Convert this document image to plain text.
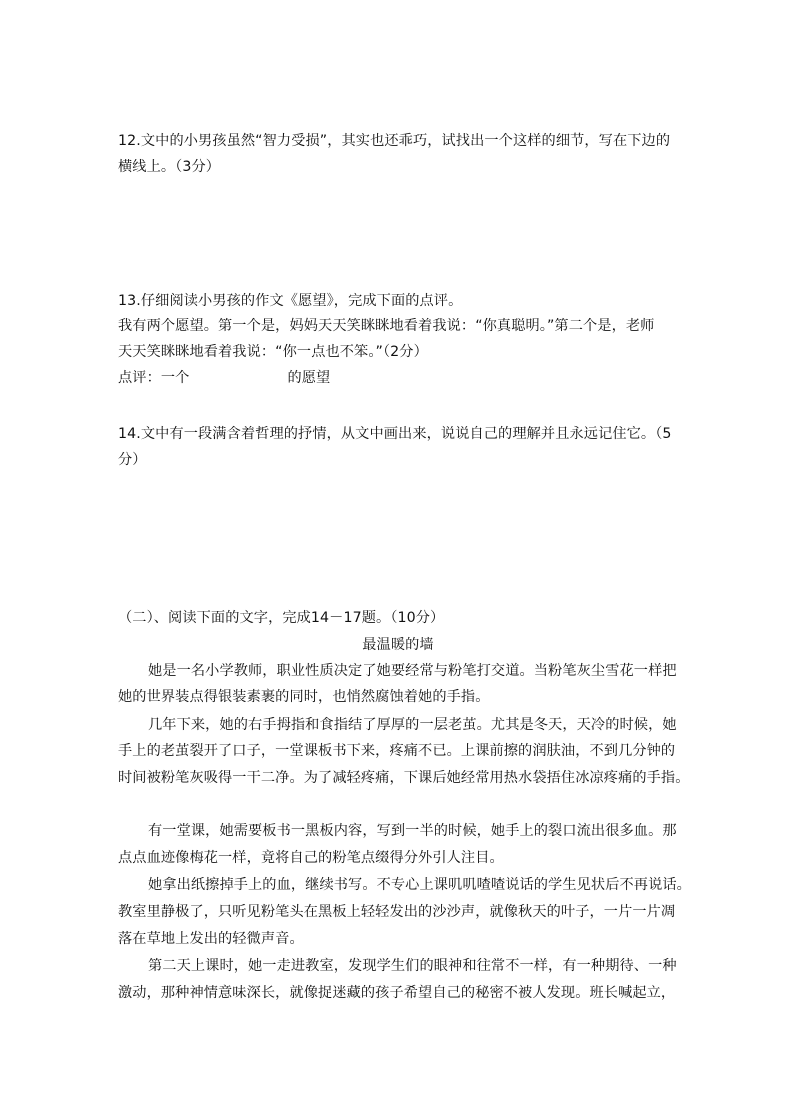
12.文中的小男孩虽然“智力受损”，其实也还乖巧，试找出一个这样的细节，写在下边的
横线上。（3分）
13.仔细阅读小男孩的作文《愿望》，完成下面的点评。
我有两个愿望。第一个是，妈妈天天笑眯眯地看着我说：“你真聪明。”第二个是，老师
天天笑眯眯地看着我说：“你一点也不笨。”（2分）
点评：一个	的愿望
14.文中有一段满含着哲理的抒情，从文中画出来，说说自己的理解并且永远记住它。（5
分）
（二）、阅读下面的文字，完成14－17题。（10分）
最温暖的墙
她是一名小学教师，职业性质决定了她要经常与粉笔打交道。当粉笔灰尘雪花一样把
她的世界装点得银装素裹的同时，也悄然腐蚀着她的手指。
几年下来，她的右手拇指和食指结了厚厚的一层老茧。尤其是冬天，天冷的时候，她
手上的老茧裂开了口子，一堂课板书下来，疼痛不已。上课前擦的润肤油，不到几分钟的
时间被粉笔灰吸得一干二净。为了减轻疼痛，下课后她经常用热水袋捂住冰凉疼痛的手指。
有一堂课，她需要板书一黑板内容，写到一半的时候，她手上的裂口流出很多血。那
点点血迹像梅花一样，竟将自己的粉笔点缀得分外引人注目。
她拿出纸擦掉手上的血，继续书写。不专心上课叽叽喳喳说话的学生见状后不再说话。
教室里静极了，只听见粉笔头在黑板上轻轻发出的沙沙声，就像秋天的叶子，一片一片凋
落在草地上发出的轻微声音。
第二天上课时，她一走进教室，发现学生们的眼神和往常不一样，有一种期待、一种
激动，那种神情意味深长，就像捉迷藏的孩子希望自己的秘密不被人发现。班长喊起立，
